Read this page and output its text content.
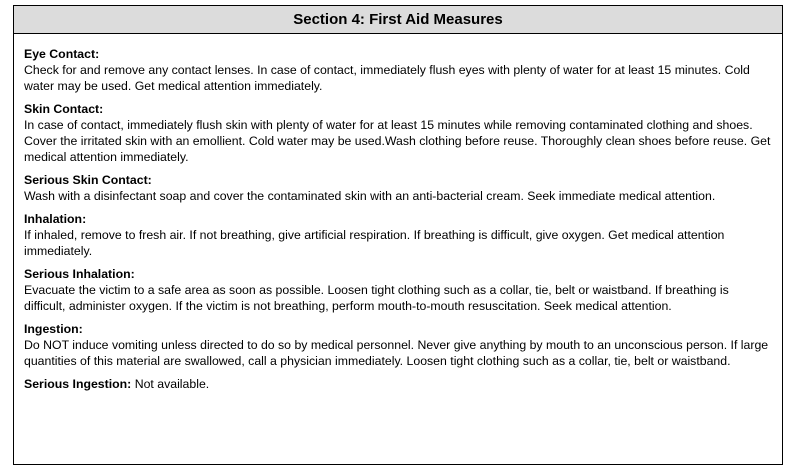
Section 4: First Aid Measures
Eye Contact:
Check for and remove any contact lenses. In case of contact, immediately flush eyes with plenty of water for at least 15 minutes. Cold water may be used. Get medical attention immediately.
Skin Contact:
In case of contact, immediately flush skin with plenty of water for at least 15 minutes while removing contaminated clothing and shoes. Cover the irritated skin with an emollient. Cold water may be used.Wash clothing before reuse. Thoroughly clean shoes before reuse. Get medical attention immediately.
Serious Skin Contact:
Wash with a disinfectant soap and cover the contaminated skin with an anti-bacterial cream. Seek immediate medical attention.
Inhalation:
If inhaled, remove to fresh air. If not breathing, give artificial respiration. If breathing is difficult, give oxygen. Get medical attention immediately.
Serious Inhalation:
Evacuate the victim to a safe area as soon as possible. Loosen tight clothing such as a collar, tie, belt or waistband. If breathing is difficult, administer oxygen. If the victim is not breathing, perform mouth-to-mouth resuscitation. Seek medical attention.
Ingestion:
Do NOT induce vomiting unless directed to do so by medical personnel. Never give anything by mouth to an unconscious person. If large quantities of this material are swallowed, call a physician immediately. Loosen tight clothing such as a collar, tie, belt or waistband.
Serious Ingestion: Not available.
